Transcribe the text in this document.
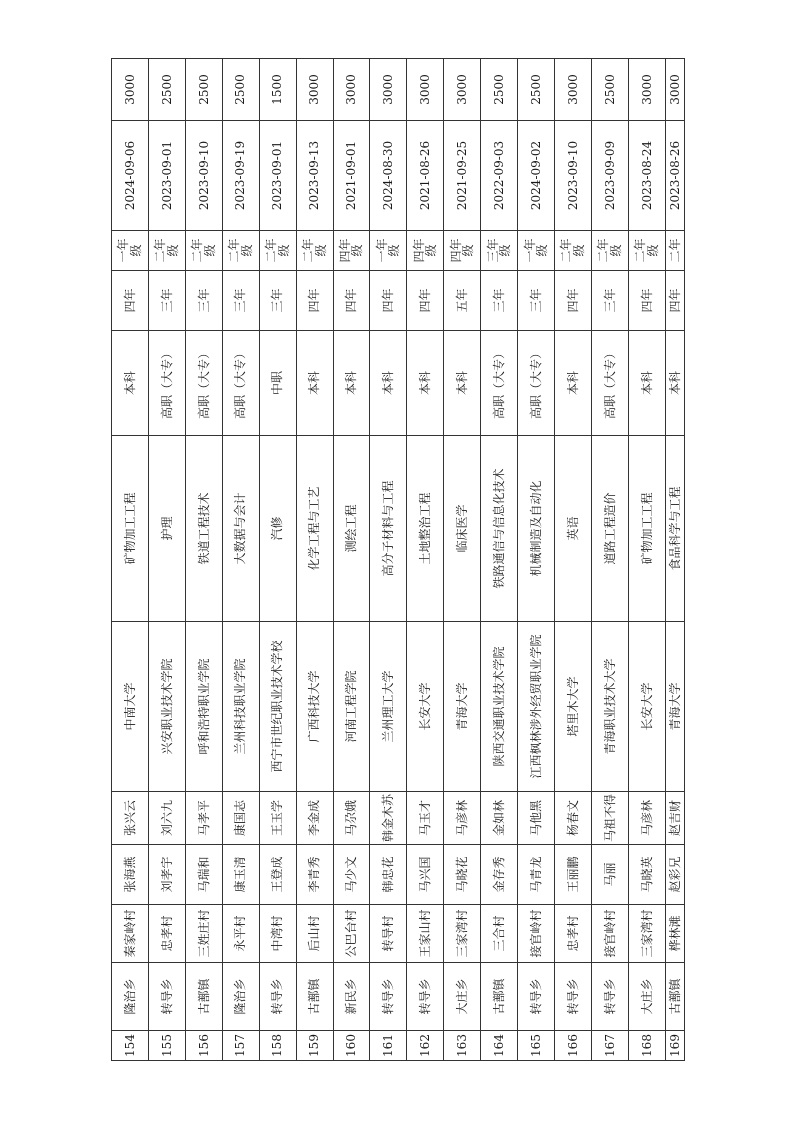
154	隆治乡	秦家岭村	张海燕	张兴云	中南大学	矿物加工工程	本科	四年	一年级	2024-09-06	3000
155	转导乡	忠孝村	刘孝宇	刘六九	兴安职业技术学院	护理	高职（大专）	三年	二年级	2023-09-01	2500
156	古鄯镇	三姓庄村	马瑞和	马孝平	呼和浩特职业学院	铁道工程技术	高职（大专）	三年	二年级	2023-09-10	2500
157	隆治乡	永平村	康玉清	康国志	兰州科技职业学院	大数据与会计	高职（大专）	三年	二年级	2023-09-19	2500
158	转导乡	中湾村	王登成	王玉学	西宁市世纪职业技术学校	汽修	中职	三年	二年级	2023-09-01	1500
159	古鄯镇	后山村	李青秀	李金成	广西科技大学	化学工程与工艺	本科	四年	二年级	2023-09-13	3000
160	新民乡	公巴台村	马少文	马尕娥	河南工程学院	测绘工程	本科	四年	四年级	2021-09-01	3000
161	转导乡	转导村	韩忠花	韩金木苏	兰州理工大学	高分子材料与工程	本科	四年	一年级	2024-08-30	3000
162	转导乡	王家山村	马兴国	马玉才	长安大学	土地整治工程	本科	四年	四年级	2021-08-26	3000
163	大庄乡	三家湾村	马晓花	马彦林	青海大学	临床医学	本科	五年	四年级	2021-09-25	3000
164	古鄯镇	三合村	金存秀	金如林	陕西交通职业技术学院	铁路通信与信息化技术	高职（大专）	三年	三年级	2022-09-03	2500
165	转导乡	接官岭村	马青龙	马他黑	江西枫林涉外经贸职业学院	机械制造及自动化	高职（大专）	三年	一年级	2024-09-02	2500
166	转导乡	忠孝村	王丽鹏	杨春文	塔里木大学	英语	本科	四年	二年级	2023-09-10	3000
167	转导乡	接官岭村	马丽	马祖不得	青海职业技术大学	道路工程造价	高职（大专）	三年	二年级	2023-09-09	2500
168	大庄乡	三家湾村	马晓英	马彦林	长安大学	矿物加工工程	本科	四年	二年级	2023-08-24	3000
169	古鄯镇	桦林滩	赵彩兄	赵吉财	青海大学	食品科学与工程	本科	四年	二年	2023-08-26	3000
